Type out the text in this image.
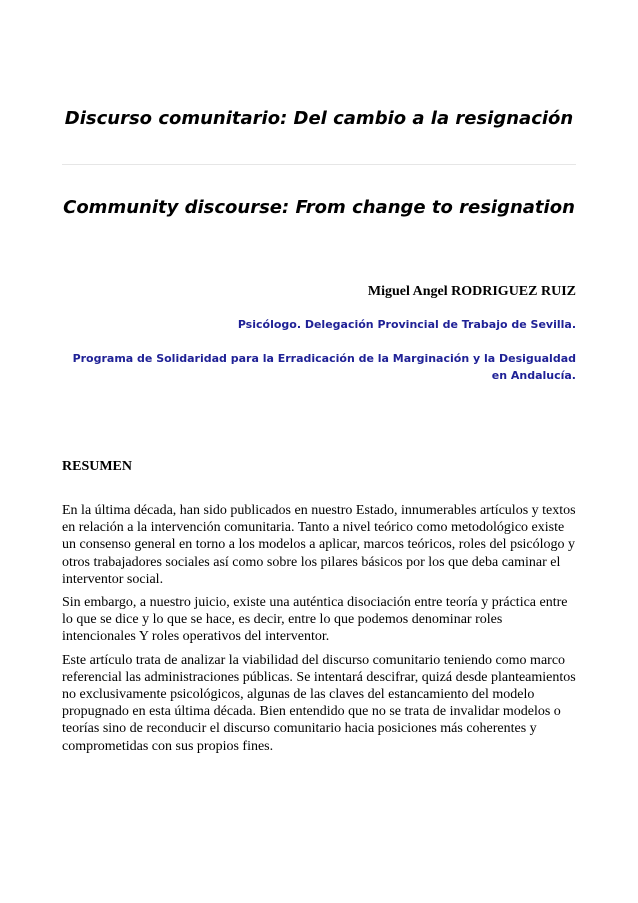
Discurso comunitario: Del cambio a la resignación
Community discourse: From change to resignation
Miguel Angel RODRIGUEZ RUIZ
Psicólogo. Delegación Provincial de Trabajo de Sevilla.
Programa de Solidaridad para la Erradicación de la Marginación y la Desigualdad en Andalucía.
RESUMEN

En la última década, han sido publicados en nuestro Estado, innumerables artículos y textos en relación a la intervención comunitaria. Tanto a nivel teórico como metodológico existe un consenso general en torno a los modelos a aplicar, marcos teóricos, roles del psicólogo y otros trabajadores sociales así como sobre los pilares básicos por los que deba caminar el interventor social.

Sin embargo, a nuestro juicio, existe una auténtica disociación entre teoría y práctica entre lo que se dice y lo que se hace, es decir, entre lo que podemos denominar roles intencionales Y roles operativos del interventor.

Este artículo trata de analizar la viabilidad del discurso comunitario teniendo como marco referencial las administraciones públicas. Se intentará descifrar, quizá desde planteamientos no exclusivamente psicológicos, algunas de las claves del estancamiento del modelo propugnado en esta última década. Bien entendido que no se trata de invalidar modelos o teorías sino de reconducir el discurso comunitario hacia posiciones más coherentes y comprometidas con sus propios fines.
